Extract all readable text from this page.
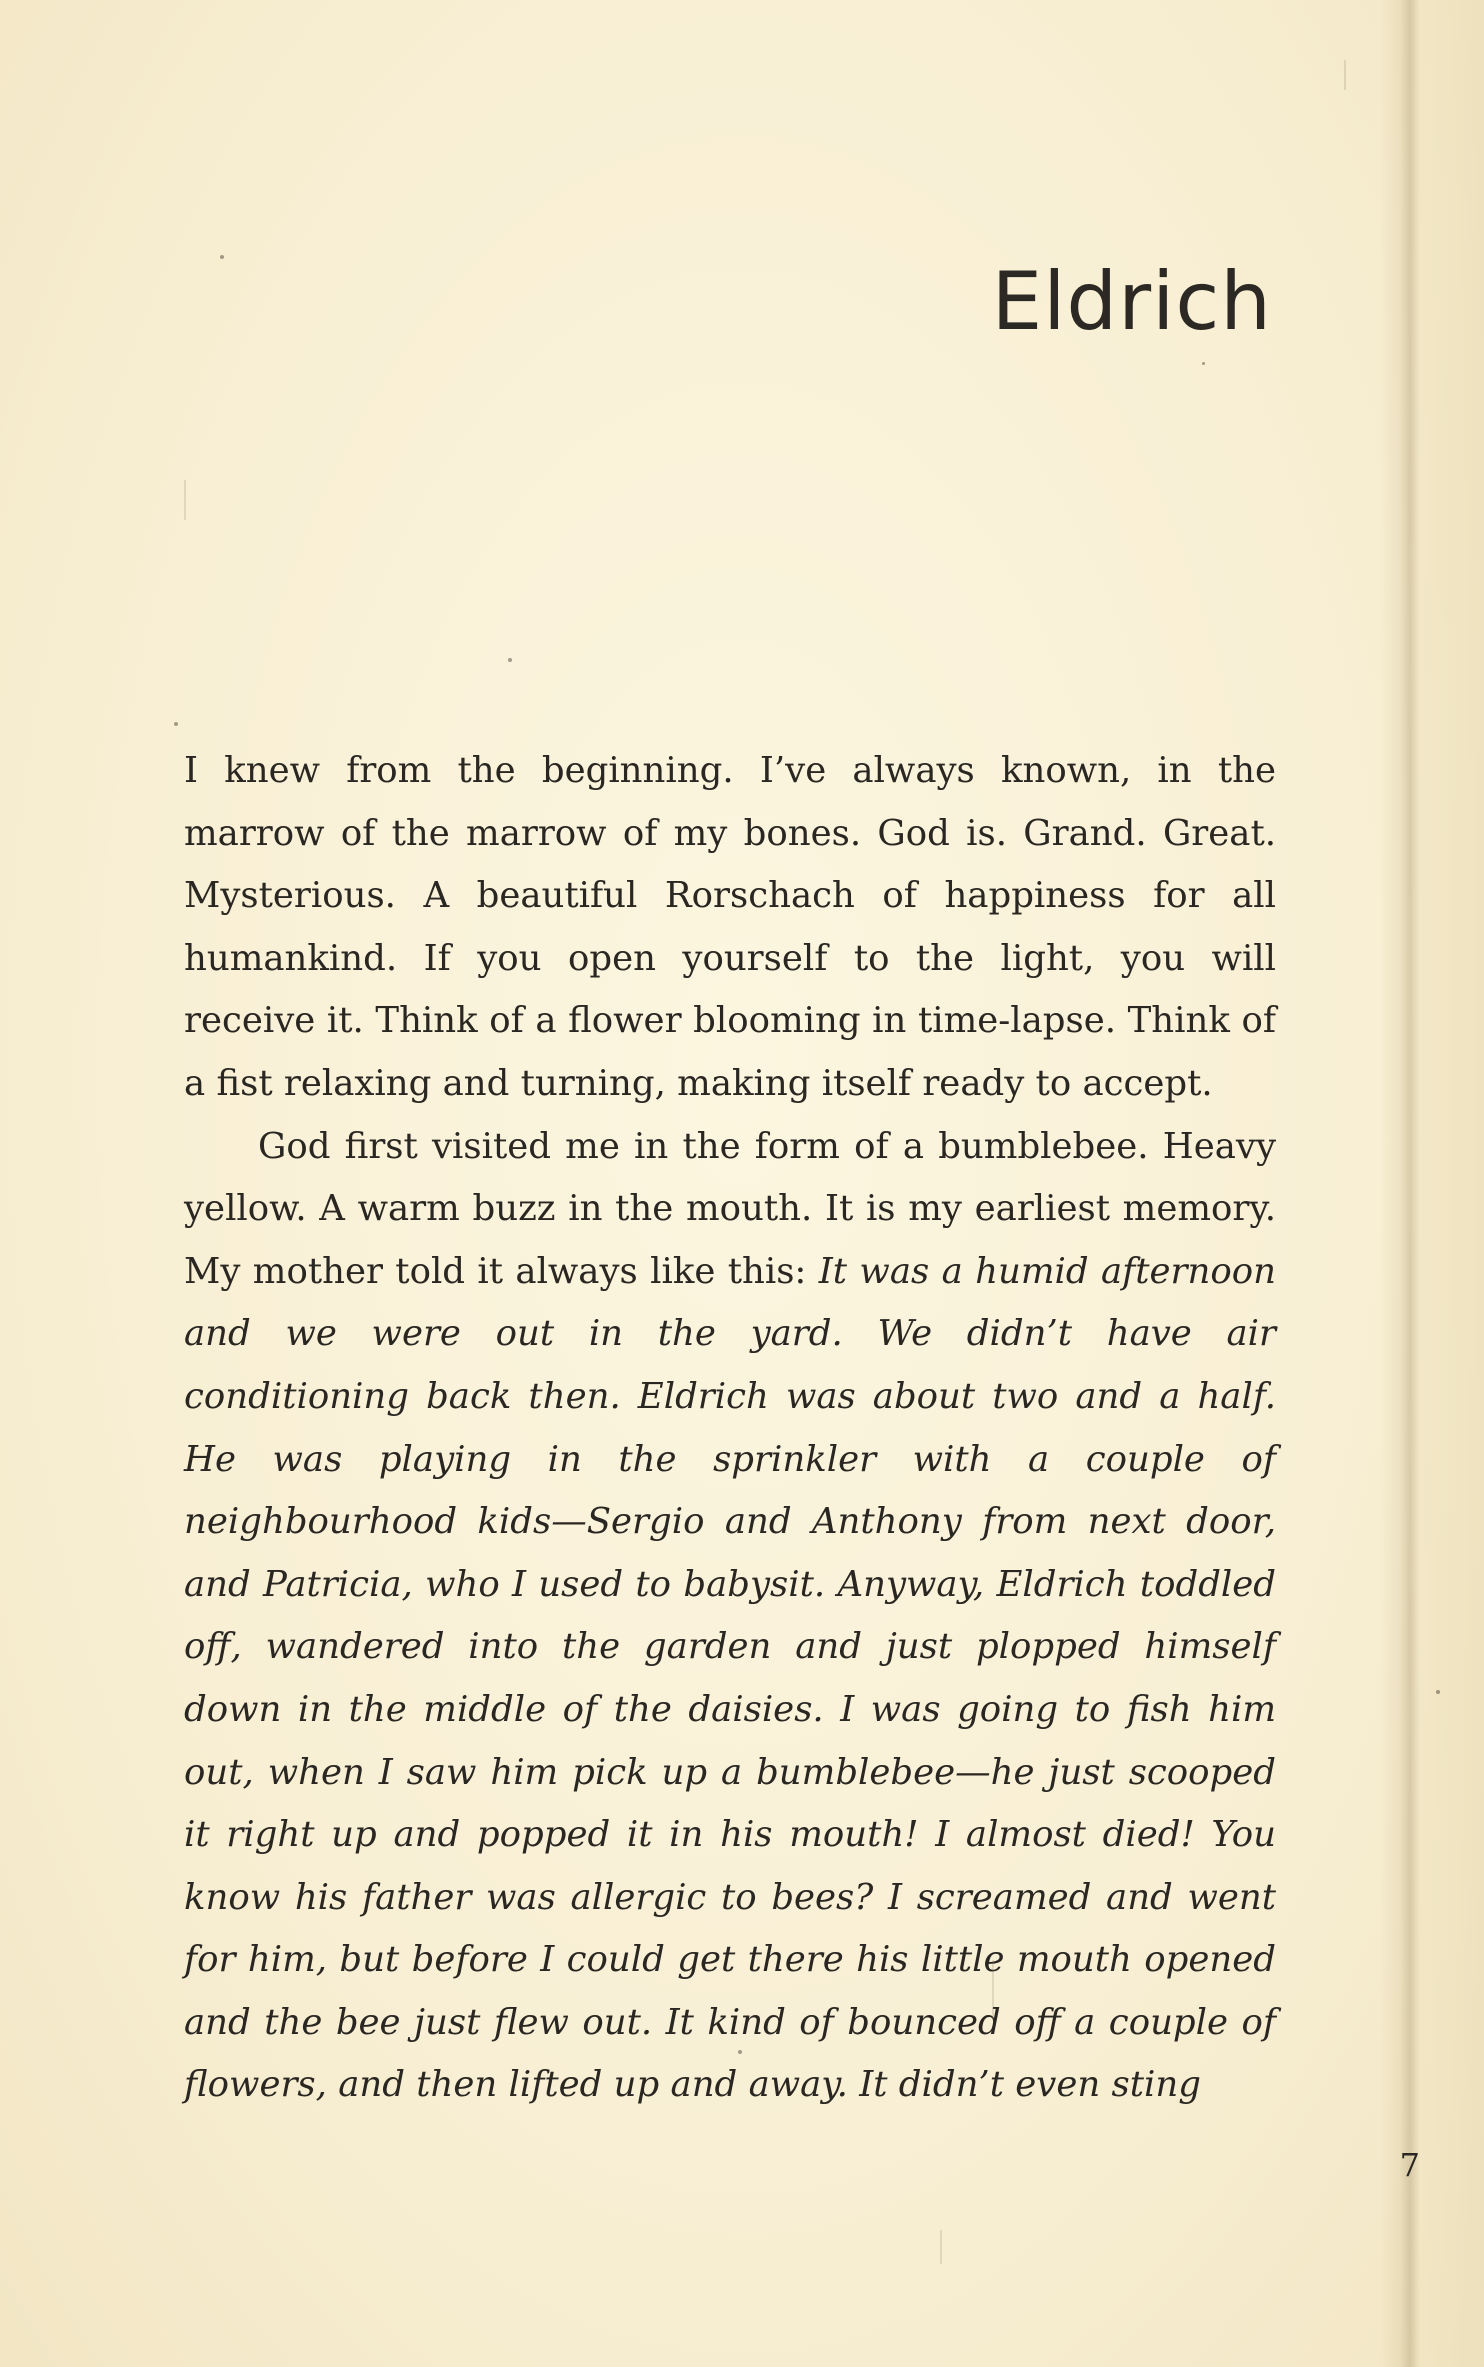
Eldrich

I knew from the beginning. I’ve always known, in the marrow of the marrow of my bones. God is. Grand. Great. Mysterious. A beautiful Rorschach of happiness for all humankind. If you open yourself to the light, you will receive it. Think of a flower blooming in time-lapse. Think of a fist relaxing and turning, making itself ready to accept.

God first visited me in the form of a bumblebee. Heavy yellow. A warm buzz in the mouth. It is my earliest memory. My mother told it always like this: It was a humid afternoon and we were out in the yard. We didn’t have air conditioning back then. Eldrich was about two and a half. He was playing in the sprinkler with a couple of neighbourhood kids—Sergio and Anthony from next door, and Patricia, who I used to babysit. Anyway, Eldrich toddled off, wandered into the garden and just plopped himself down in the middle of the daisies. I was going to fish him out, when I saw him pick up a bumblebee—he just scooped it right up and popped it in his mouth! I almost died! You know his father was allergic to bees? I screamed and went for him, but before I could get there his little mouth opened and the bee just flew out. It kind of bounced off a couple of flowers, and then lifted up and away. It didn’t even sting

7
